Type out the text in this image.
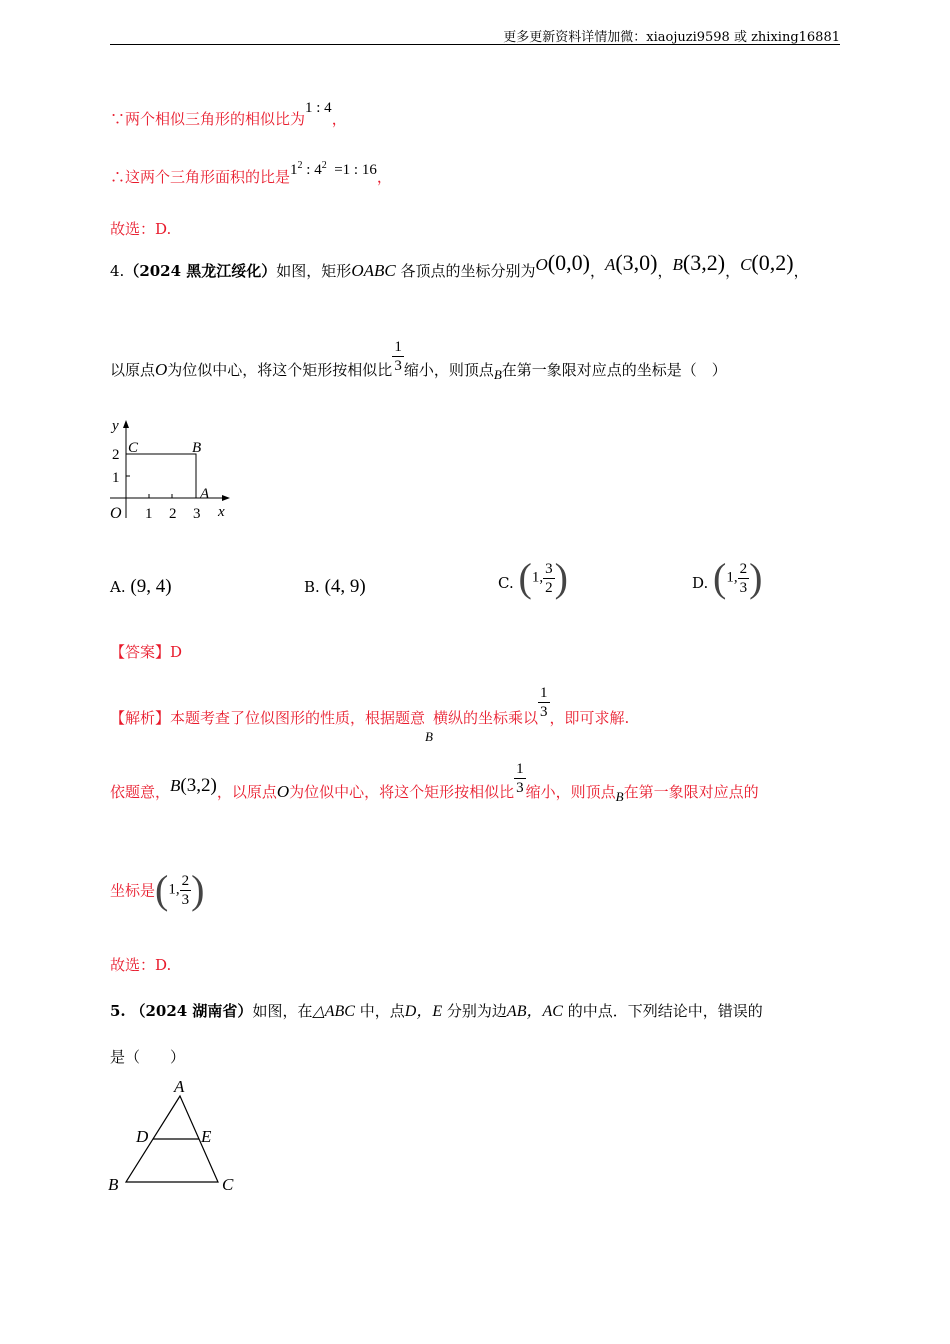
更多更新资料详情加微：xiaojuzi9598 或 zhixing16881
∵两个相似三角形的相似比为1 : 4，
∴这两个三角形面积的比是$1^2$ : $4^2 =1$ : 16，
故选：D.
4.（2024 黑龙江绥化）如图，矩形OABC 各顶点的坐标分别为O(0,0)，A(3,0)，B(3,2)，C(0,2)，
以原点O为位似中心，将这个矩形按相似比 $\frac{1}{3}$ 缩小，则顶点B在第一象限对应点的坐标是（　）
y
x
O
A
B
C
1 2 3
1
2
A. (9, 4)	B. (4, 9)	C. (1, $\frac{3}{2}$ )	D. (1, $\frac{2}{3}$ )
【答案】D
【解析】本题考查了位似图形的性质，根据题意B横纵的坐标乘以 $\frac{1}{3}$ ，即可求解.
依题意，B(3,2)，以原点O为位似中心，将这个矩形按相似比 $\frac{1}{3}$ 缩小，则顶点B在第一象限对应点的
坐标是(1, $\frac{2}{3}$ )
故选：D.
5. （2024 湖南省）如图，在△ABC 中，点D，E 分别为边AB，AC 的中点．下列结论中，错误的
是（　　）
A
B	C
D	E
